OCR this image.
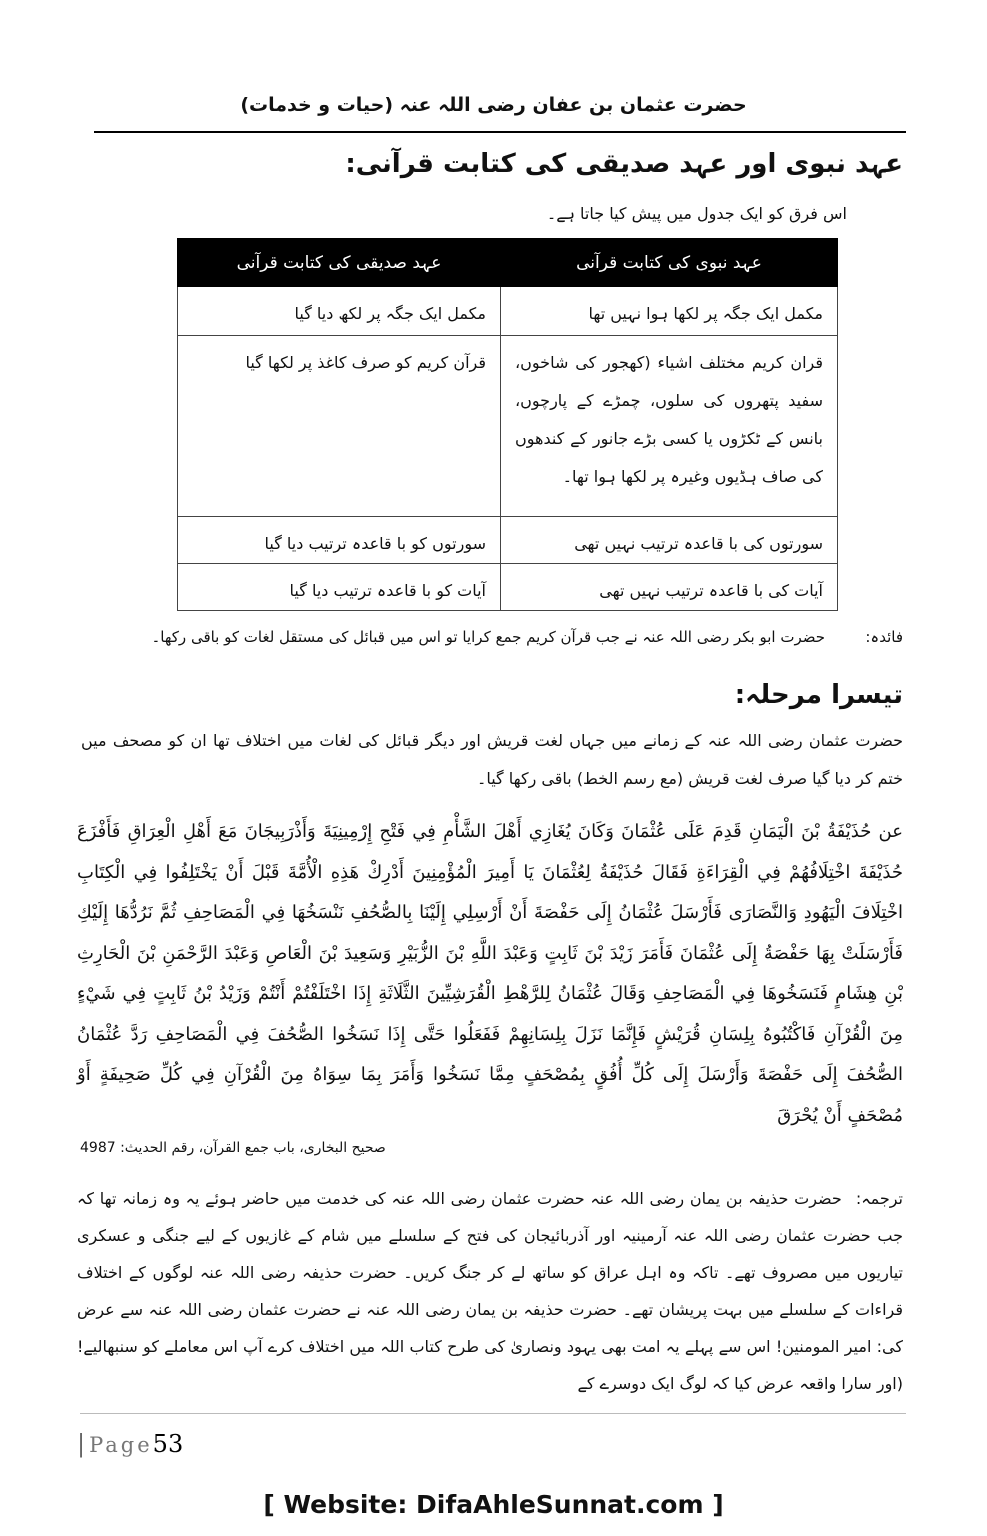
حضرت عثمان بن عفان رضی اللہ عنہ (حیات و خدمات)
عہد نبوی اور عہد صدیقی کی کتابت قرآنی:
اس فرق کو ایک جدول میں پیش کیا جاتا ہے۔
عہد نبوی کی کتابت قرآنی	عہد صدیقی کی کتابت قرآنی
مکمل ایک جگہ پر لکھا ہوا نہیں تھا	مکمل ایک جگہ پر لکھ دیا گیا
قران کریم مختلف اشیاء (کھجور کی شاخوں، سفید پتھروں کی سلوں، چمڑے کے پارچوں، بانس کے ٹکڑوں یا کسی بڑے جانور کے کندھوں کی صاف ہڈیوں وغیرہ پر لکھا ہوا تھا۔	قرآن کریم کو صرف کاغذ پر لکھا گیا
سورتوں کی با قاعدہ ترتیب نہیں تھی	سورتوں کو با قاعدہ ترتیب دیا گیا
آیات کی با قاعدہ ترتیب نہیں تھی	آیات کو با قاعدہ ترتیب دیا گیا
فائدہ:حضرت ابو بکر رضی اللہ عنہ نے جب قرآن کریم جمع کرایا تو اس میں قبائل کی مستقل لغات کو باقی رکھا۔
تیسرا مرحلہ:
حضرت عثمان رضی اللہ عنہ کے زمانے میں جہاں لغت قریش اور دیگر قبائل کی لغات میں اختلاف تھا ان کو مصحف میں ختم کر دیا گیا صرف لغت قریش (مع رسم الخط) باقی رکھا گیا۔
عن حُذَيْفَةُ بْنَ الْيَمَانِ قَدِمَ عَلَى عُثْمَانَ وَكَانَ يُغَازِي أَهْلَ الشَّأْمِ فِي فَتْحِ إِرْمِينِيَةَ وَأَذْرَبِيجَانَ مَعَ أَهْلِ الْعِرَاقِ فَأَفْزَعَ حُذَيْفَةَ اخْتِلَافُهُمْ فِي الْقِرَاءَةِ فَقَالَ حُذَيْفَةُ لِعُثْمَانَ يَا أَمِيرَ الْمُؤْمِنِينَ أَدْرِكْ هَذِهِ الْأُمَّةَ قَبْلَ أَنْ يَخْتَلِفُوا فِي الْكِتَابِ اخْتِلَافَ الْيَهُودِ وَالنَّصَارَى فَأَرْسَلَ عُثْمَانُ إِلَى حَفْصَةَ أَنْ أَرْسِلِي إِلَيْنَا بِالصُّحُفِ نَنْسَخُهَا فِي الْمَصَاحِفِ ثُمَّ نَرُدُّهَا إِلَيْكِ فَأَرْسَلَتْ بِهَا حَفْصَةُ إِلَى عُثْمَانَ فَأَمَرَ زَيْدَ بْنَ ثَابِتٍ وَعَبْدَ اللَّهِ بْنَ الزُّبَيْرِ وَسَعِيدَ بْنَ الْعَاصِ وَعَبْدَ الرَّحْمَنِ بْنَ الْحَارِثِ بْنِ هِشَامٍ فَنَسَخُوهَا فِي الْمَصَاحِفِ وَقَالَ عُثْمَانُ لِلرَّهْطِ الْقُرَشِيِّينَ الثَّلَاثَةِ إِذَا اخْتَلَفْتُمْ أَنْتُمْ وَزَيْدُ بْنُ ثَابِتٍ فِي شَيْءٍ مِنَ الْقُرْآنِ فَاكْتُبُوهُ بِلِسَانِ قُرَيْشٍ فَإِنَّمَا نَزَلَ بِلِسَانِهِمْ فَفَعَلُوا حَتَّى إِذَا نَسَخُوا الصُّحُفَ فِي الْمَصَاحِفِ رَدَّ عُثْمَانُ الصُّحُفَ إِلَى حَفْصَةَ وَأَرْسَلَ إِلَى كُلِّ أُفُقٍ بِمُصْحَفٍ مِمَّا نَسَخُوا وَأَمَرَ بِمَا سِوَاهُ مِنَ الْقُرْآنِ فِي كُلِّ صَحِيفَةٍ أَوْ مُصْحَفٍ أَنْ يُحْرَقَ
صحیح البخاری، باب جمع القرآن، رقم الحدیث: 4987
ترجمہ:حضرت حذیفہ بن یمان رضی اللہ عنہ حضرت عثمان رضی اللہ عنہ کی خدمت میں حاضر ہوئے یہ وہ زمانہ تھا کہ جب حضرت عثمان رضی اللہ عنہ آرمینیہ اور آذربائیجان کی فتح کے سلسلے میں شام کے غازیوں کے لیے جنگی و عسکری تیاریوں میں مصروف تھے۔ تاکہ وہ اہل عراق کو ساتھ لے کر جنگ کریں۔ حضرت حذیفہ رضی اللہ عنہ لوگوں کے اختلاف قراءات کے سلسلے میں بہت پریشان تھے۔ حضرت حذیفہ بن یمان رضی اللہ عنہ نے حضرت عثمان رضی اللہ عنہ سے عرض کی: امیر المومنین! اس سے پہلے یہ امت بھی یہود ونصاریٰ کی طرح کتاب اللہ میں اختلاف کرے آپ اس معاملے کو سنبھالیے! (اور سارا واقعہ عرض کیا کہ لوگ ایک دوسرے کے
| Page53
[ Website: DifaAhleSunnat.com ]
